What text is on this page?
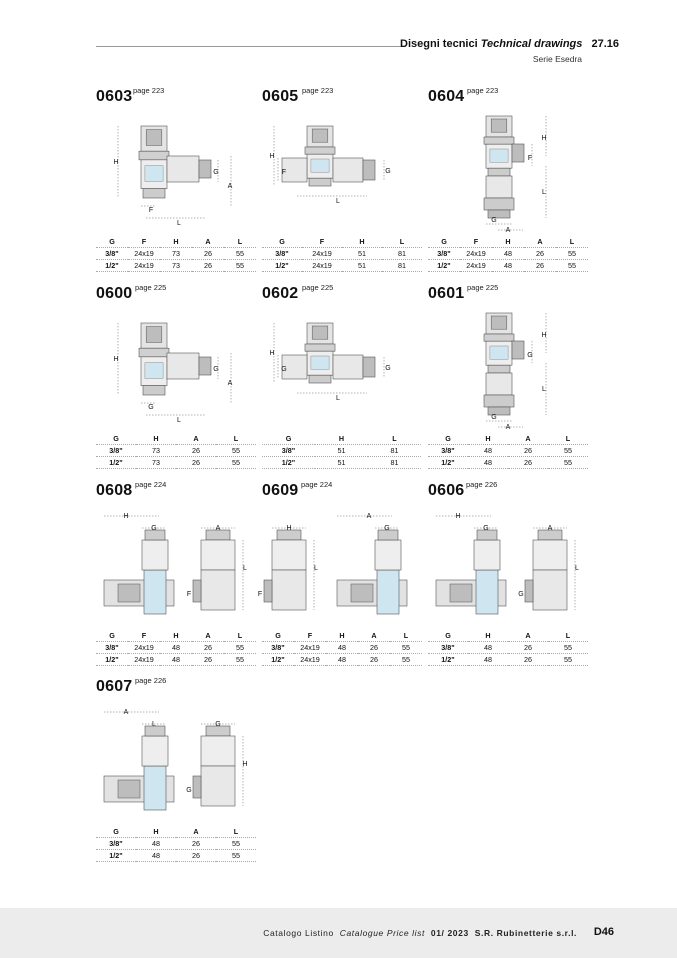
Disegni tecnici Technical drawings 27.16
Serie Esedra
0603 page 223
H
G
A
F
L
G	F	H	A	L
3/8"	24x19	73	26	55
1/2"	24x19	73	26	55
0605 page 223
H
F	G
L
G	F	H	L
3/8"	24x19	51	81
1/2"	24x19	51	81
0604 page 223
H
F
L
G
A
G	F	H	A	L
3/8"	24x19	48	26	55
1/2"	24x19	48	26	55
0600 page 225
H
G
A
G
L
G	H	A	L
3/8"	73	26	55
1/2"	73	26	55
0602 page 225
H
G	G
L
G	H	L
3/8"	51	81
1/2"	51	81
0601 page 225
H
G
L
G
A
G	H	A	L
3/8"	48	26	55
1/2"	48	26	55
0608 page 224
H
G	A
L
F
G	F	H	A	L
3/8"	24x19	48	26	55
1/2"	24x19	48	26	55
0609 page 224
A
H	G
L
F
G	F	H	A	L
3/8"	24x19	48	26	55
1/2"	24x19	48	26	55
0606 page 226
H
G	A
L
G
G	H	A	L
3/8"	48	26	55
1/2"	48	26	55
0607 page 226
A
L	G
H
G
G	H	A	L
3/8"	48	26	55
1/2"	48	26	55
Catalogo Listino Catalogue Price list 01/ 2023 S.R. Rubinetterie s.r.l. D46
